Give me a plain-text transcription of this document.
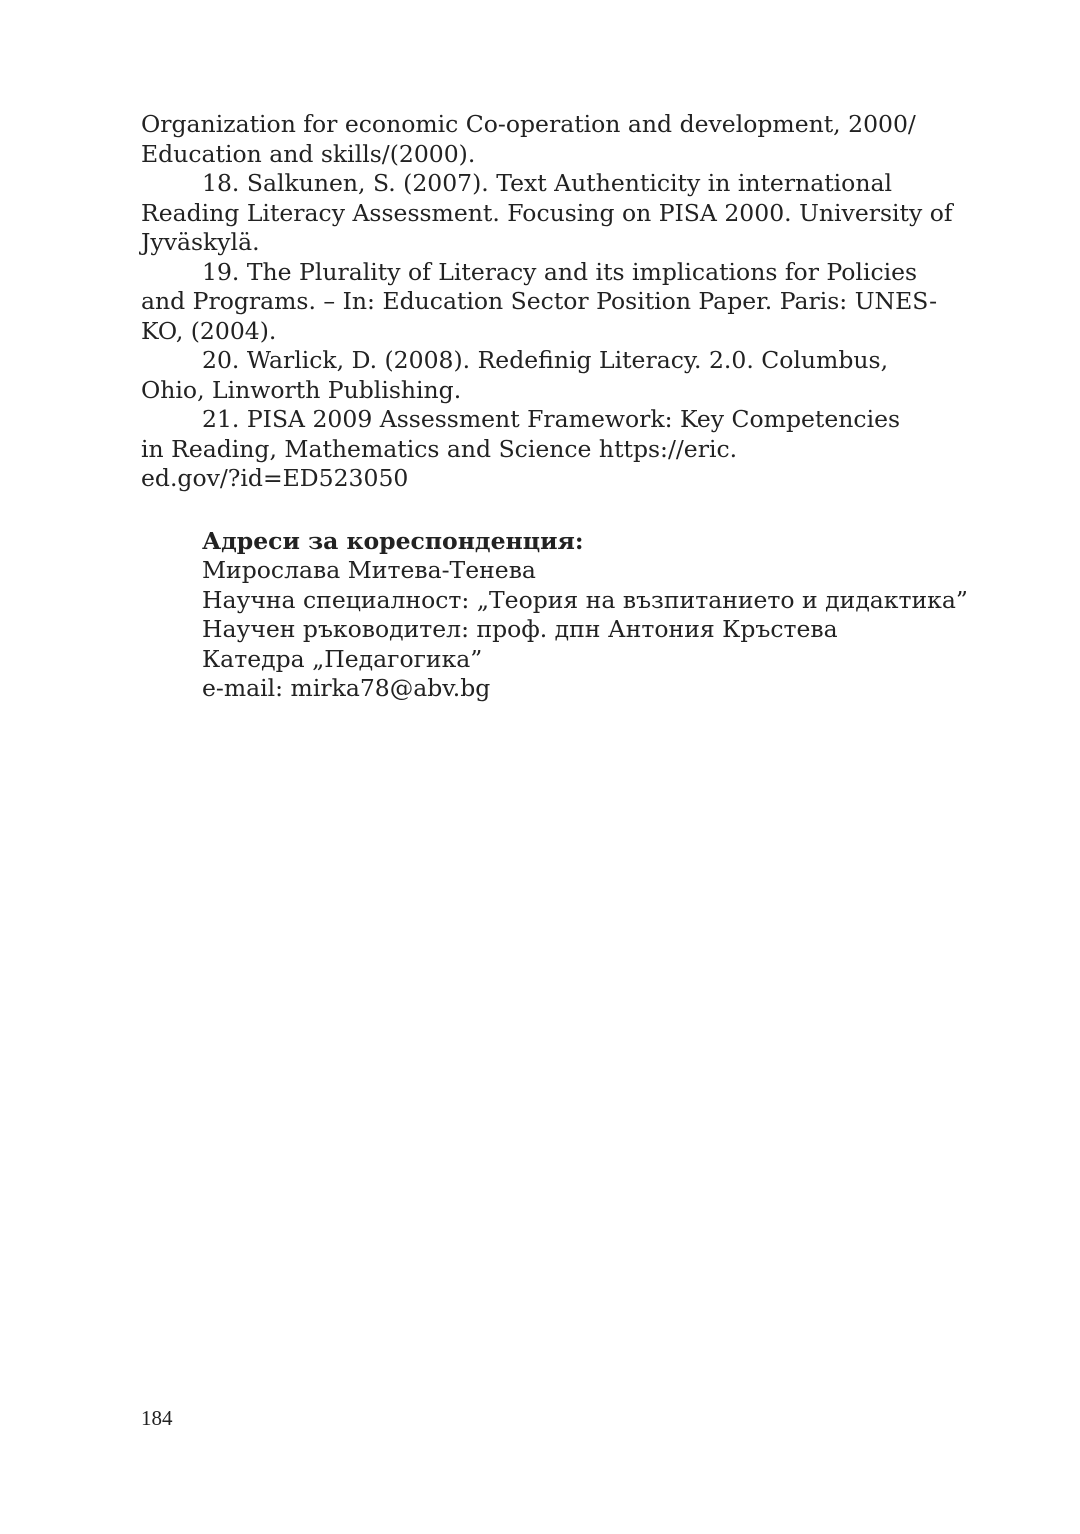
Organization for economic Co-operation and development, 2000/
Education and skills/(2000).
18. Salkunen, S. (2007). Text Authenticity in international
Reading Literacy Assessment. Focusing on PISA 2000. University of
Jyväskylä.
19. The Plurality of Literacy and its implications for Policies
and Programs. – In: Education Sector Position Paper. Paris: UNES-
KO, (2004).
20. Warlick, D. (2008). Redefinig Literacy. 2.0. Columbus,
Ohio, Linworth Publishing.
21. PISA 2009 Assessment Framework: Key Competencies
in Reading, Mathematics and Science https://eric.
ed.gov/?id=ED523050
Адреси за кореспонденция:
Мирослава Митева-Тенева
Научна специалност: „Теория на възпитанието и дидактика”
Научен ръководител: проф. дпн Антония Кръстева
Катедра „Педагогика”
e-mail: mirka78@abv.bg
184
